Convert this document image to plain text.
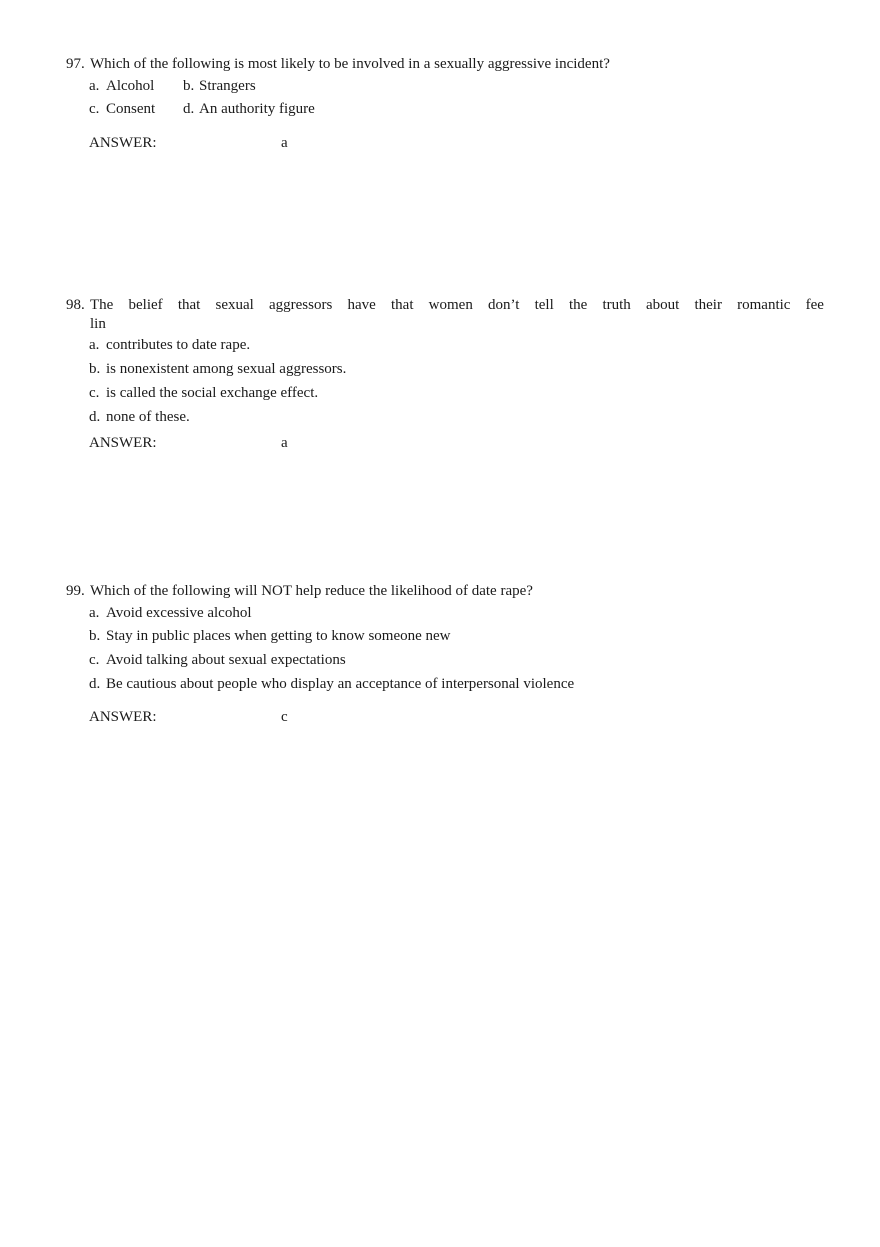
97. Which of the following is most likely to be involved in a sexually aggressive incident?
a. Alcohol b. Strangers
c. Consent d. An authority figure
ANSWER:	a
98. The belief that sexual aggressors have that women don’t tell the truth about their romantic fee
lin
a. contributes to date rape.
b. is nonexistent among sexual aggressors.
c. is called the social exchange effect.
d. none of these.
ANSWER:	a
99. Which of the following will NOT help reduce the likelihood of date rape?
a. Avoid excessive alcohol
b. Stay in public places when getting to know someone new
c. Avoid talking about sexual expectations
d. Be cautious about people who display an acceptance of interpersonal violence
ANSWER:	c
